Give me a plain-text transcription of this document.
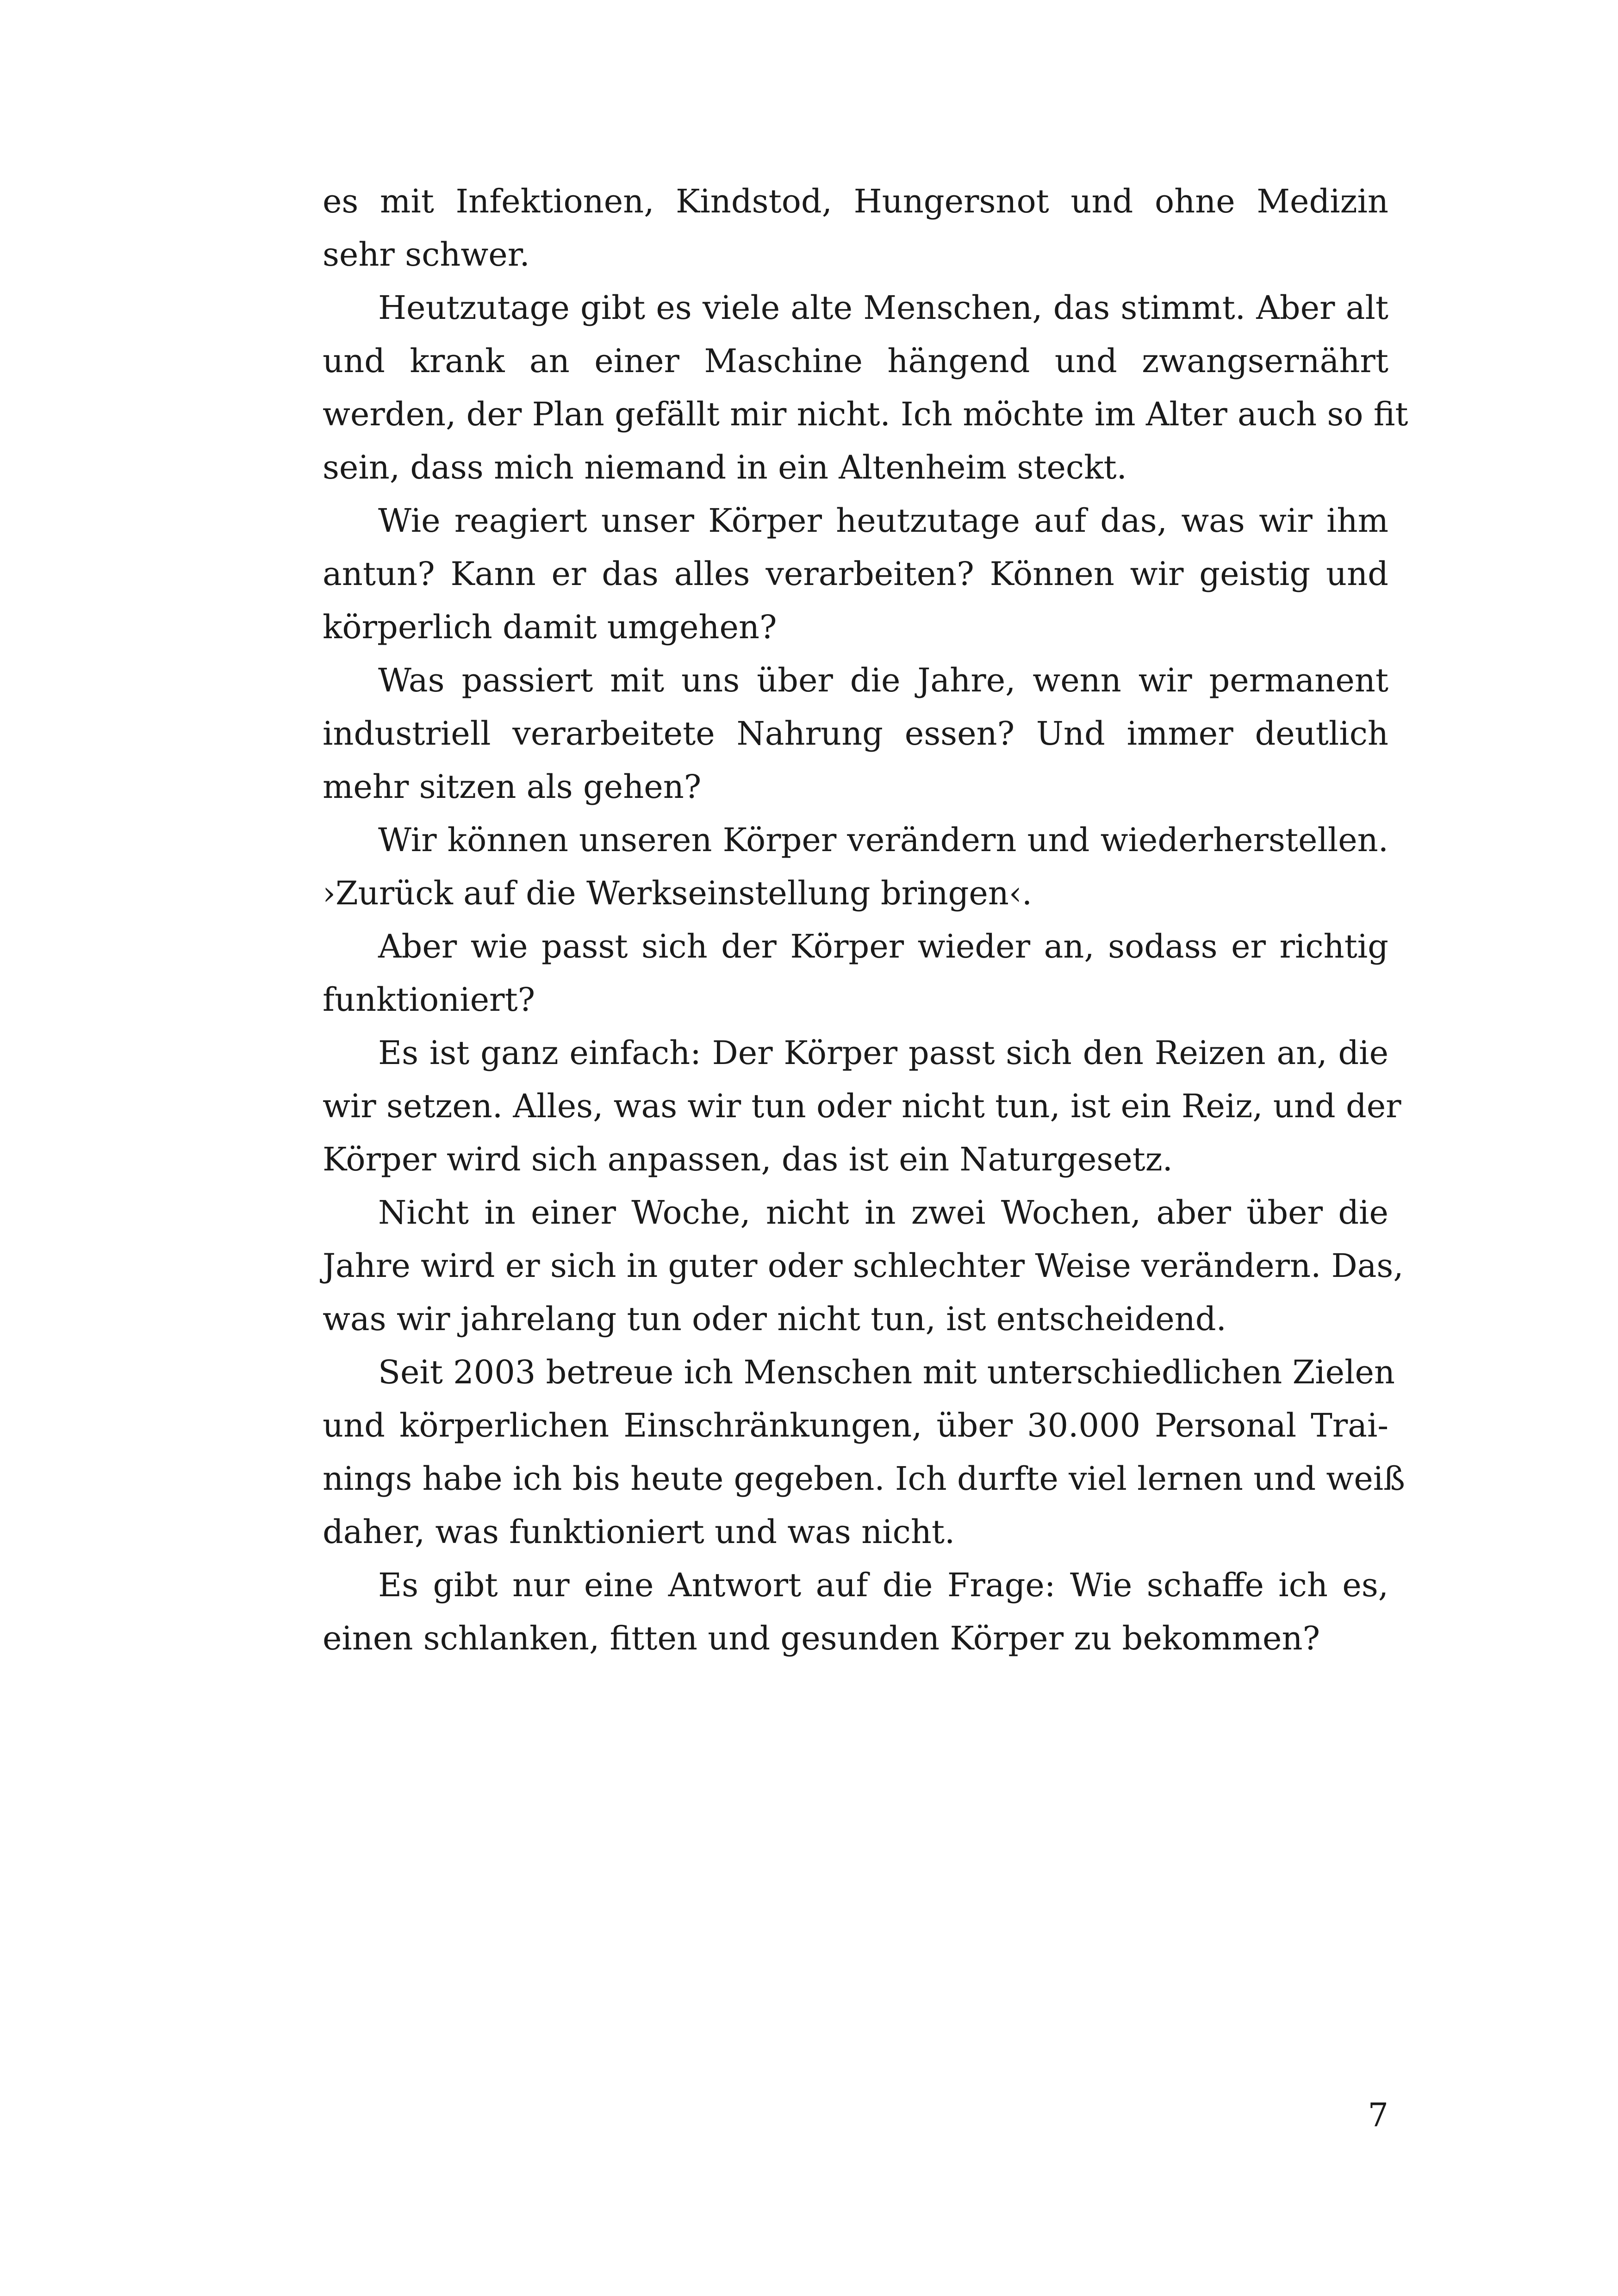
es mit Infektionen, Kindstod, Hungersnot und ohne Medizin
sehr schwer.
Heutzutage gibt es viele alte Menschen, das stimmt. Aber alt
und krank an einer Maschine hängend und zwangsernährt
werden, der Plan gefällt mir nicht. Ich möchte im Alter auch so fit
sein, dass mich niemand in ein Altenheim steckt.
Wie reagiert unser Körper heutzutage auf das, was wir ihm
antun? Kann er das alles verarbeiten? Können wir geistig und
körperlich damit umgehen?
Was passiert mit uns über die Jahre, wenn wir permanent
industriell verarbeitete Nahrung essen? Und immer deutlich
mehr sitzen als gehen?
Wir können unseren Körper verändern und wiederherstellen.
›Zurück auf die Werkseinstellung bringen‹.
Aber wie passt sich der Körper wieder an, sodass er richtig
funktioniert?
Es ist ganz einfach: Der Körper passt sich den Reizen an, die
wir setzen. Alles, was wir tun oder nicht tun, ist ein Reiz, und der
Körper wird sich anpassen, das ist ein Naturgesetz.
Nicht in einer Woche, nicht in zwei Wochen, aber über die
Jahre wird er sich in guter oder schlechter Weise verändern. Das,
was wir jahrelang tun oder nicht tun, ist entscheidend.
Seit 2003 betreue ich Menschen mit unterschiedlichen Zielen
und körperlichen Einschränkungen, über 30.000 Personal Trai-
nings habe ich bis heute gegeben. Ich durfte viel lernen und weiß
daher, was funktioniert und was nicht.
Es gibt nur eine Antwort auf die Frage: Wie schaffe ich es,
einen schlanken, fitten und gesunden Körper zu bekommen?
7
